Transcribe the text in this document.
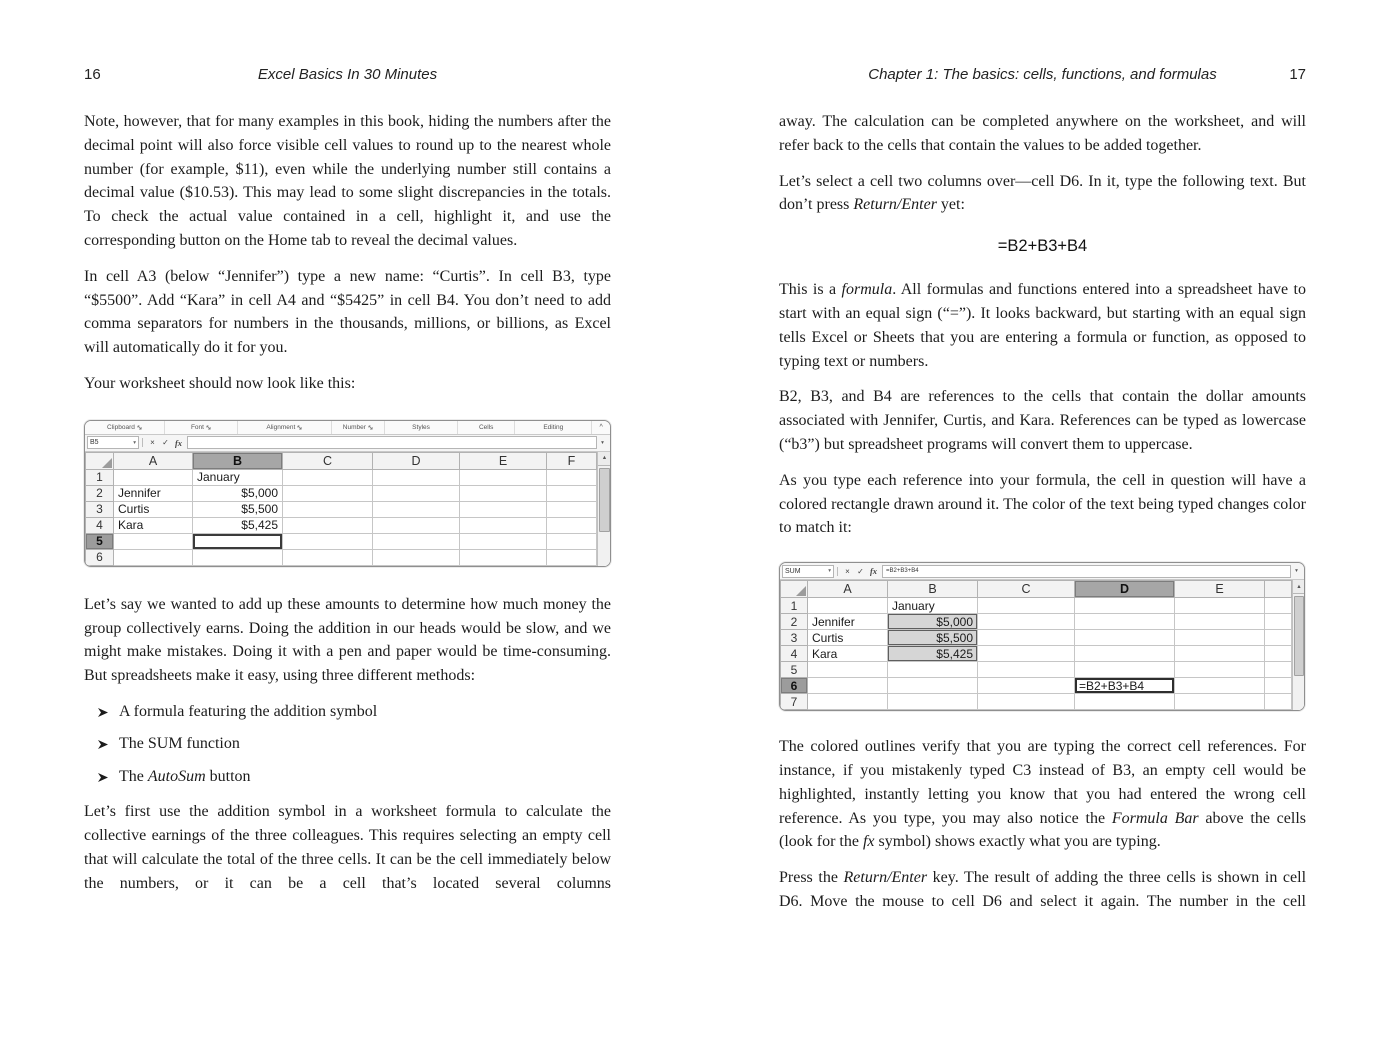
16	Excel Basics In 30 Minutes

Note, however, that for many examples in this book, hiding the numbers after the decimal point will also force visible cell values to round up to the nearest whole number (for example, $11), even while the underlying number still contains a decimal value ($10.53). This may lead to some slight discrepancies in the totals. To check the actual value contained in a cell, highlight it, and use the corresponding button on the Home tab to reveal the decimal values.

In cell A3 (below “Jennifer”) type a new name: “Curtis”. In cell B3, type “$5500”. Add “Kara” in cell A4 and “$5425” in cell B4. You don’t need to add comma separators for numbers in the thousands, millions, or billions, as Excel will automatically do it for you.

Your worksheet should now look like this:

Clipboard	Font	Alignment	Number	Styles	Cells	Editing	^
B5	▾	× ✓ fx	▾
	A	B	C	D	E	F
1		January				
2	Jennifer	$5,000				
3	Curtis	$5,500				
4	Kara	$5,425				
5						
6						
▲

Let’s say we wanted to add up these amounts to determine how much money the group collectively earns. Doing the addition in our heads would be slow, and we might make mistakes. Doing it with a pen and paper would be time-consuming. But spreadsheets make it easy, using three different methods:

A formula featuring the addition symbol
The SUM function
The AutoSum button

Let’s first use the addition symbol in a worksheet formula to calculate the collective earnings of the three colleagues. This requires selecting an empty cell that will calculate the total of the three cells. It can be the cell immediately below the numbers, or it can be a cell that’s located several columns

Chapter 1: The basics: cells, functions, and formulas	17

away. The calculation can be completed anywhere on the worksheet, and will refer back to the cells that contain the values to be added together.

Let’s select a cell two columns over—cell D6. In it, type the following text. But don’t press Return/Enter yet:

=B2+B3+B4

This is a formula. All formulas and functions entered into a spreadsheet have to start with an equal sign (“=”). It looks backward, but starting with an equal sign tells Excel or Sheets that you are entering a formula or function, as opposed to typing text or numbers.

B2, B3, and B4 are references to the cells that contain the dollar amounts associated with Jennifer, Curtis, and Kara. References can be typed as lowercase (“b3”) but spreadsheet programs will convert them to uppercase.

As you type each reference into your formula, the cell in question will have a colored rectangle drawn around it. The color of the text being typed changes color to match it:

SUM	▾	× ✓ fx	=B2+B3+B4	▾
	A	B	C	D	E	
1		January				
2	Jennifer	$5,000				
3	Curtis	$5,500				
4	Kara	$5,425				
5						
6				=B2+B3+B4		
7						
▲

The colored outlines verify that you are typing the correct cell references. For instance, if you mistakenly typed C3 instead of B3, an empty cell would be highlighted, instantly letting you know that you had entered the wrong cell reference. As you type, you may also notice the Formula Bar above the cells (look for the fx symbol) shows exactly what you are typing.

Press the Return/Enter key. The result of adding the three cells is shown in cell D6. Move the mouse to cell D6 and select it again. The number in the cell
